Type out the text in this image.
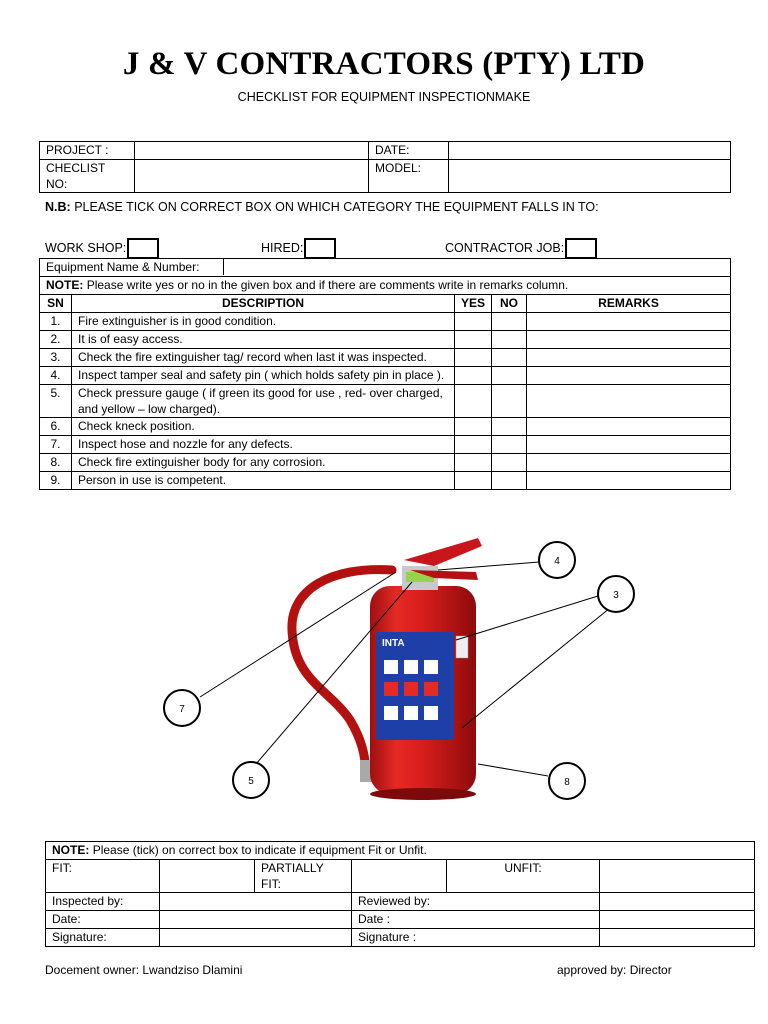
J & V CONTRACTORS (PTY) LTD
CHECKLIST FOR EQUIPMENT INSPECTIONMAKE
PROJECT :		DATE:	
CHECLIST NO:		MODEL:	
N.B: PLEASE TICK ON CORRECT BOX ON WHICH CATEGORY THE EQUIPMENT FALLS IN TO:
WORK SHOP:	HIRED:	CONTRACTOR JOB:
Equipment Name & Number:				

NOTE: Please write yes or no in the given box and if there are comments write in remarks column.				
SN	DESCRIPTION	YES	NO	REMARKS
1.	Fire extinguisher is in good condition.			
2.	It is of easy access.			
3.	Check the fire extinguisher tag/ record when last it was inspected.			
4.	Inspect tamper seal and safety pin ( which holds safety pin in place ).			
5.	Check pressure gauge ( if green its good for use , red- over charged, and yellow – low charged).			
6.	Check kneck position.			
7.	Inspect hose and nozzle for any defects.			
8.	Check fire extinguisher body for any corrosion.			
9.	Person in use is competent.			
INTA
4
3
7
5	8
NOTE: Please (tick) on correct box to indicate if equipment Fit or Unfit.					
FIT:		PARTIALLY FIT:		UNFIT:	
Inspected by:			Reviewed by:		
Date:			Date :		
Signature:			Signature :		
Docement owner: Lwandziso Dlamini	approved by: Director
